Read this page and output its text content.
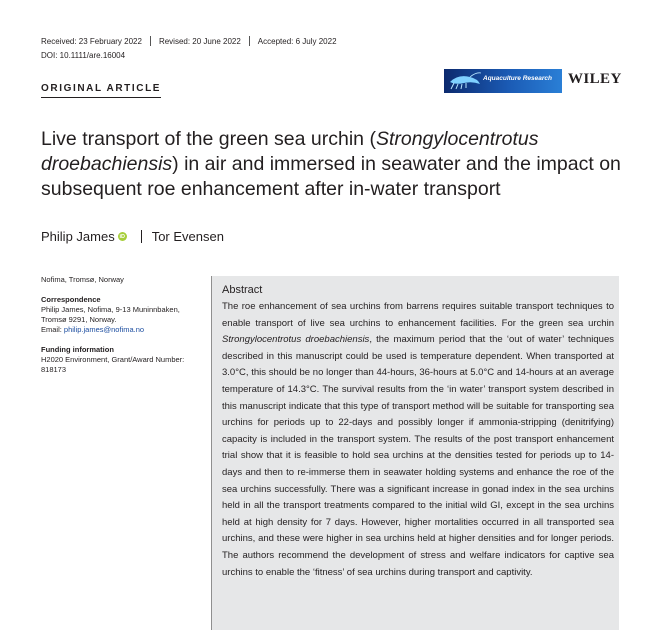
Received: 23 February 2022 Revised: 20 June 2022 Accepted: 6 July 2022
DOI: 10.1111/are.16004
ORIGINAL ARTICLE
Aquaculture Research WILEY
Live transport of the green sea urchin (Strongylocentrotus droebachiensis) in air and immersed in seawater and the impact on subsequent roe enhancement after in-water transport
Philip James iD Tor Evensen
Nofima, Tromsø, Norway
Correspondence
Philip James, Nofima, 9-13 Muninnbaken,
Tromsø 9291, Norway.
Email: philip.james@nofima.no
Funding information
H2020 Environment, Grant/Award Number: 818173
Abstract

The roe enhancement of sea urchins from barrens requires suitable transport techniques to enable transport of live sea urchins to enhancement facilities. For the green sea urchin Strongylocentrotus droebachiensis, the maximum period that the ‘out of water’ techniques described in this manuscript could be used is temperature dependent. When transported at 3.0°C, this should be no longer than 44-hours, 36-hours at 5.0°C and 14-hours at an average temperature of 14.3°C. The survival results from the ‘in water’ transport system described in this manuscript indicate that this type of transport method will be suitable for transporting sea urchins for periods up to 22-days and possibly longer if ammonia-stripping (denitrifying) capacity is included in the transport system. The results of the post transport enhancement trial show that it is feasible to hold sea urchins at the densities tested for periods up to 14-days and then to re-immerse them in seawater holding systems and enhance the roe of the sea urchins successfully. There was a significant increase in gonad index in the sea urchins held in all the transport treatments compared to the initial wild GI, except in the sea urchins held at high density for 7 days. However, higher mortalities occurred in all transported sea urchins, and these were higher in sea urchins held at higher densities and for longer periods. The authors recommend the development of stress and welfare indicators for captive sea urchins to enable the ‘fitness’ of sea urchins during transport and captivity.
